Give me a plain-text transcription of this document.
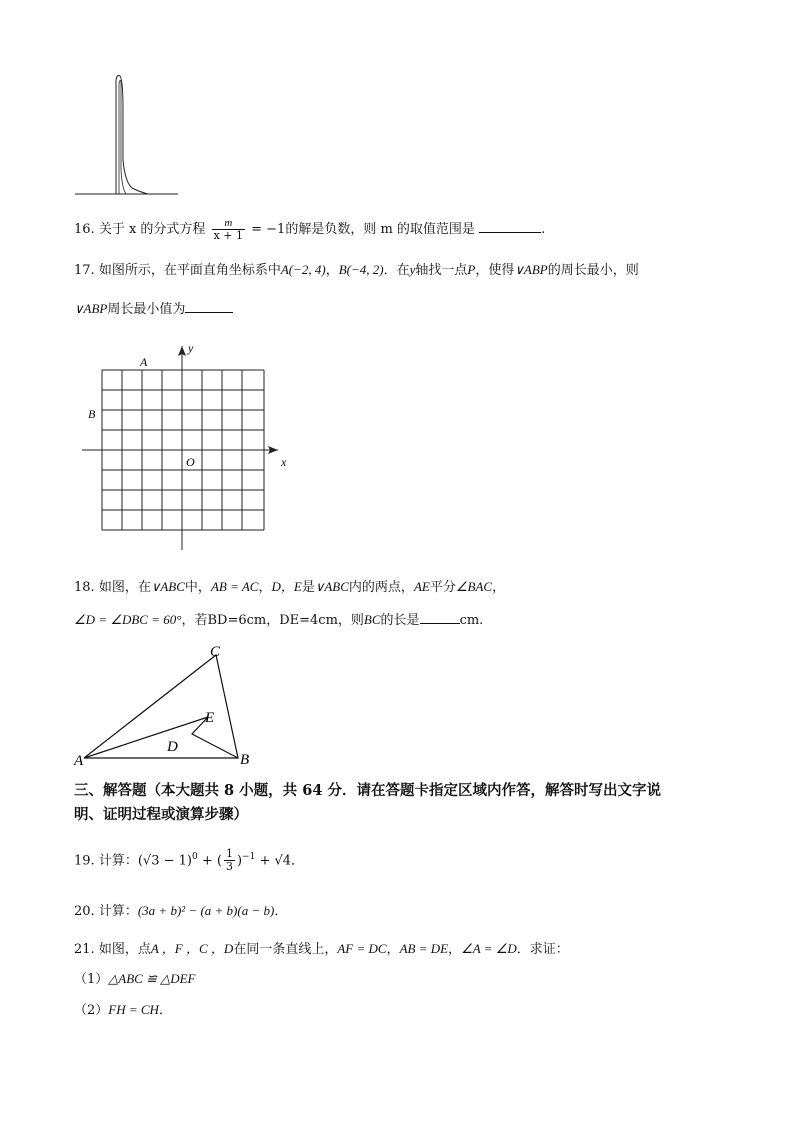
16. 关于 x 的分式方程 $\frac{m}{x + 1} = -1$的解是负数，则 m 的取值范围是	.
17. 如图所示，在平面直角坐标系中A(−2, 4)，B(−4, 2)．在y轴找一点P，使得∨ABP的周长最小，则
∨ABP周长最小值为
A
B
O	x
y
18. 如图，在∨ABC中，AB = AC，D，E是∨ABC内的两点，AE平分∠BAC，
∠D = ∠DBC = 60°，若BD=6cm，DE=4cm，则BC的长是	cm.
A	B
C
D
E
三、解答题（本大题共 8 小题，共 64 分．请在答题卡指定区域内作答，解答时写出文字说
明、证明过程或演算步骤）
19. 计算：$(√3 - 1)^0$ + ( $\frac{1}{3} )^{-1} + √4$．
20. 计算：(3a + b)² − (a + b)(a − b)．
21. 如图，点A ，F ，C ，D在同一条直线上，AF = DC，AB = DE，∠A = ∠D．求证：
（1）△ABC ≌ △DEF
（2）FH = CH．
